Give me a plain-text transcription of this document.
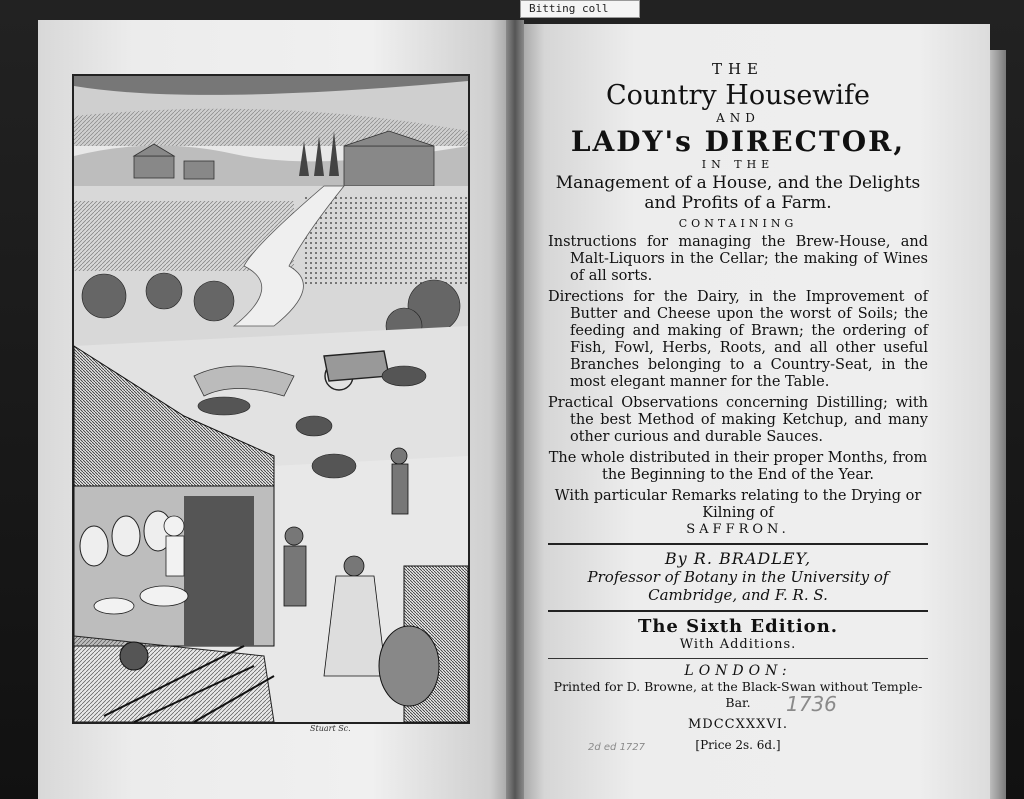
Bitting coll
Stuart Sc.

THE

Country Housewife

AND

LADY's DIRECTOR,

IN THE

Management of a House, and the Delights and Profits of a Farm.

CONTAINING

Instructions for managing the Brew-House, and Malt-Liquors in the Cellar; the making of Wines of all sorts.

Directions for the Dairy, in the Improvement of Butter and Cheese upon the worst of Soils; the feeding and making of Brawn; the ordering of Fish, Fowl, Herbs, Roots, and all other useful Branches belonging to a Country-Seat, in the most elegant manner for the Table.

Practical Observations concerning Distilling; with the best Method of making Ketchup, and many other curious and durable Sauces.

The whole distributed in their proper Months, from the Beginning to the End of the Year.

With particular Remarks relating to the Drying or Kilning of

SAFFRON.

By R. BRADLEY,

Professor of Botany in the University of Cambridge, and F. R. S.

The Sixth Edition.

With Additions.

LONDON:

Printed for D. Browne, at the Black-Swan without Temple-Bar.

MDCCXXXVI.

[Price 2s. 6d.]

1736
2d ed 1727
